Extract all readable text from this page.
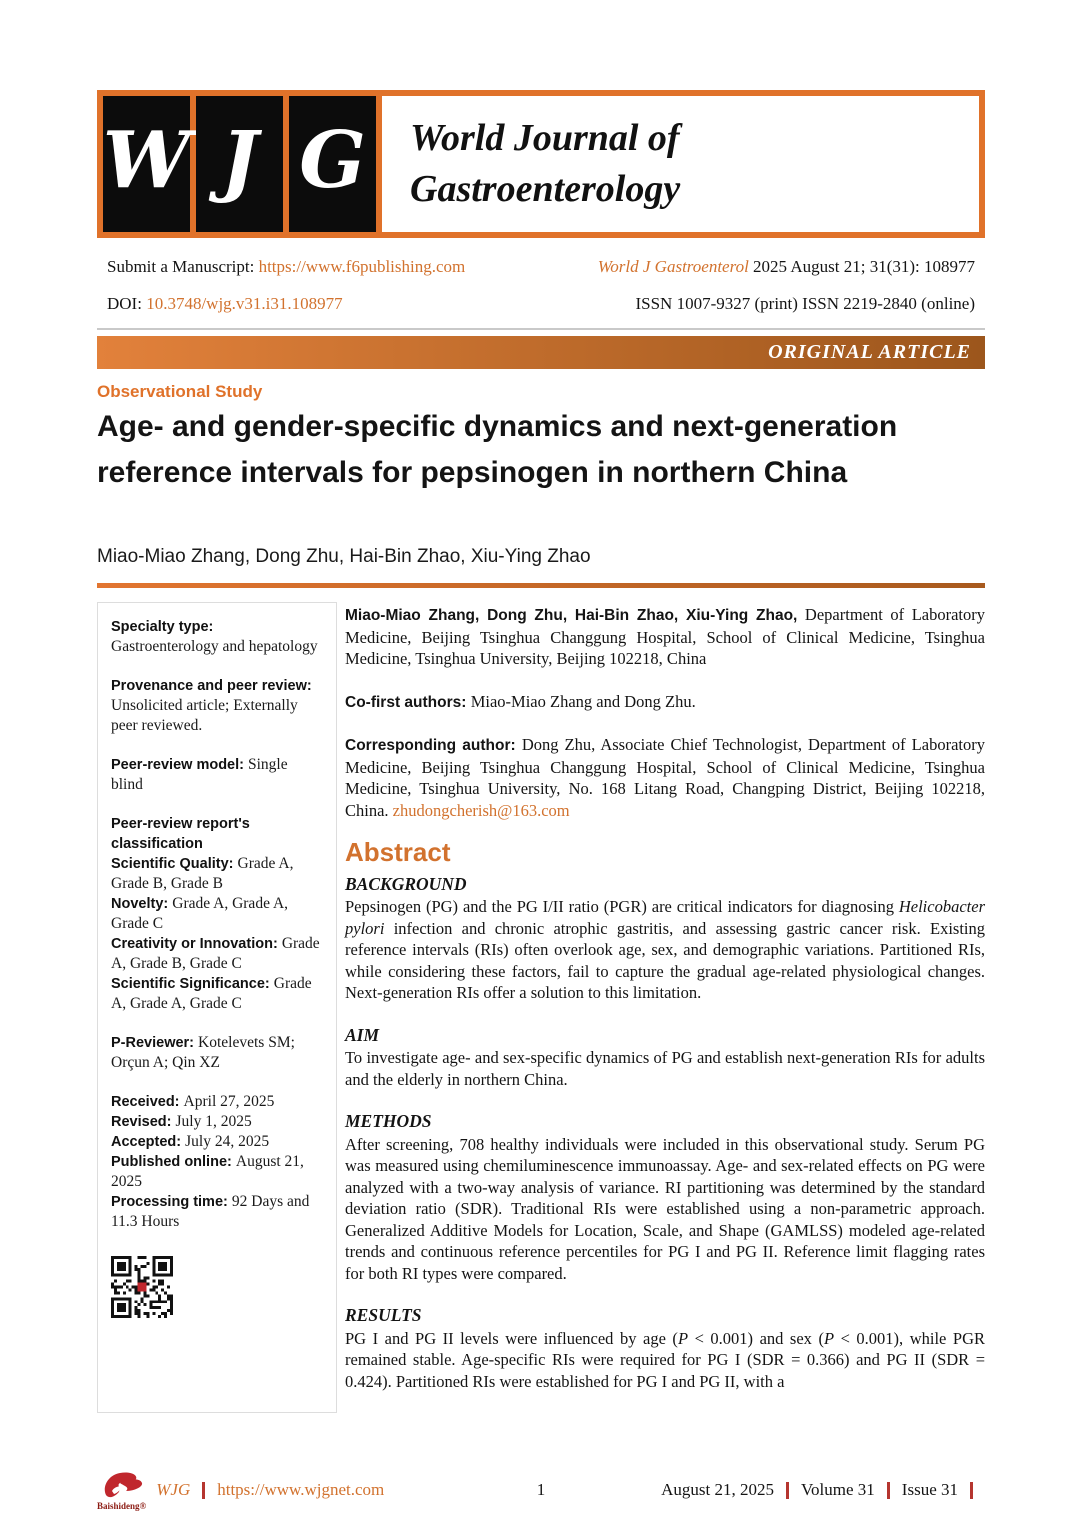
W J G	World Journal of
Gastroenterology
Submit a Manuscript: https://www.f6publishing.com	World J Gastroenterol 2025 August 21; 31(31): 108977
DOI: 10.3748/wjg.v31.i31.108977	ISSN 1007-9327 (print) ISSN 2219-2840 (online)
ORIGINAL ARTICLE
Observational Study
Age- and gender-specific dynamics and next-generation reference intervals for pepsinogen in northern China
Miao-Miao Zhang, Dong Zhu, Hai-Bin Zhao, Xiu-Ying Zhao
Specialty type: Gastroenterology and hepatology
Provenance and peer review: Unsolicited article; Externally peer reviewed.
Peer-review model: Single blind
Peer-review report's classification
Scientific Quality: Grade A, Grade B, Grade B
Novelty: Grade A, Grade A, Grade C
Creativity or Innovation: Grade A, Grade B, Grade C
Scientific Significance: Grade A, Grade A, Grade C
P-Reviewer: Kotelevets SM; Orçun A; Qin XZ
Received: April 27, 2025
Revised: July 1, 2025
Accepted: July 24, 2025
Published online: August 21, 2025
Processing time: 92 Days and 11.3 Hours

Miao-Miao Zhang, Dong Zhu, Hai-Bin Zhao, Xiu-Ying Zhao, Department of Laboratory Medicine, Beijing Tsinghua Changgung Hospital, School of Clinical Medicine, Tsinghua Medicine, Tsinghua University, Beijing 102218, China

Co-first authors: Miao-Miao Zhang and Dong Zhu.

Corresponding author: Dong Zhu, Associate Chief Technologist, Department of Laboratory Medicine, Beijing Tsinghua Changgung Hospital, School of Clinical Medicine, Tsinghua Medicine, Tsinghua University, No. 168 Litang Road, Changping District, Beijing 102218, China. zhudongcherish@163.com

Abstract
BACKGROUND
Pepsinogen (PG) and the PG I/II ratio (PGR) are critical indicators for diagnosing Helicobacter pylori infection and chronic atrophic gastritis, and assessing gastric cancer risk. Existing reference intervals (RIs) often overlook age, sex, and demographic variations. Partitioned RIs, while considering these factors, fail to capture the gradual age-related physiological changes. Next-generation RIs offer a solution to this limitation.
AIM
To investigate age- and sex-specific dynamics of PG and establish next-generation RIs for adults and the elderly in northern China.
METHODS
After screening, 708 healthy individuals were included in this observational study. Serum PG was measured using chemiluminescence immunoassay. Age- and sex-related effects on PG were analyzed with a two-way analysis of variance. RI partitioning was determined by the standard deviation ratio (SDR). Traditional RIs were established using a non-parametric approach. Generalized Additive Models for Location, Scale, and Shape (GAMLSS) modeled age-related trends and continuous reference percentiles for PG I and PG II. Reference limit flagging rates for both RI types were compared.
RESULTS
PG I and PG II levels were influenced by age (P < 0.001) and sex (P < 0.001), while PGR remained stable. Age-specific RIs were required for PG I (SDR = 0.366) and PG II (SDR = 0.424). Partitioned RIs were established for PG I and PG II, with a
Baishideng®
WJG https://www.wjgnet.com	1	August 21, 2025 Volume 31 Issue 31
